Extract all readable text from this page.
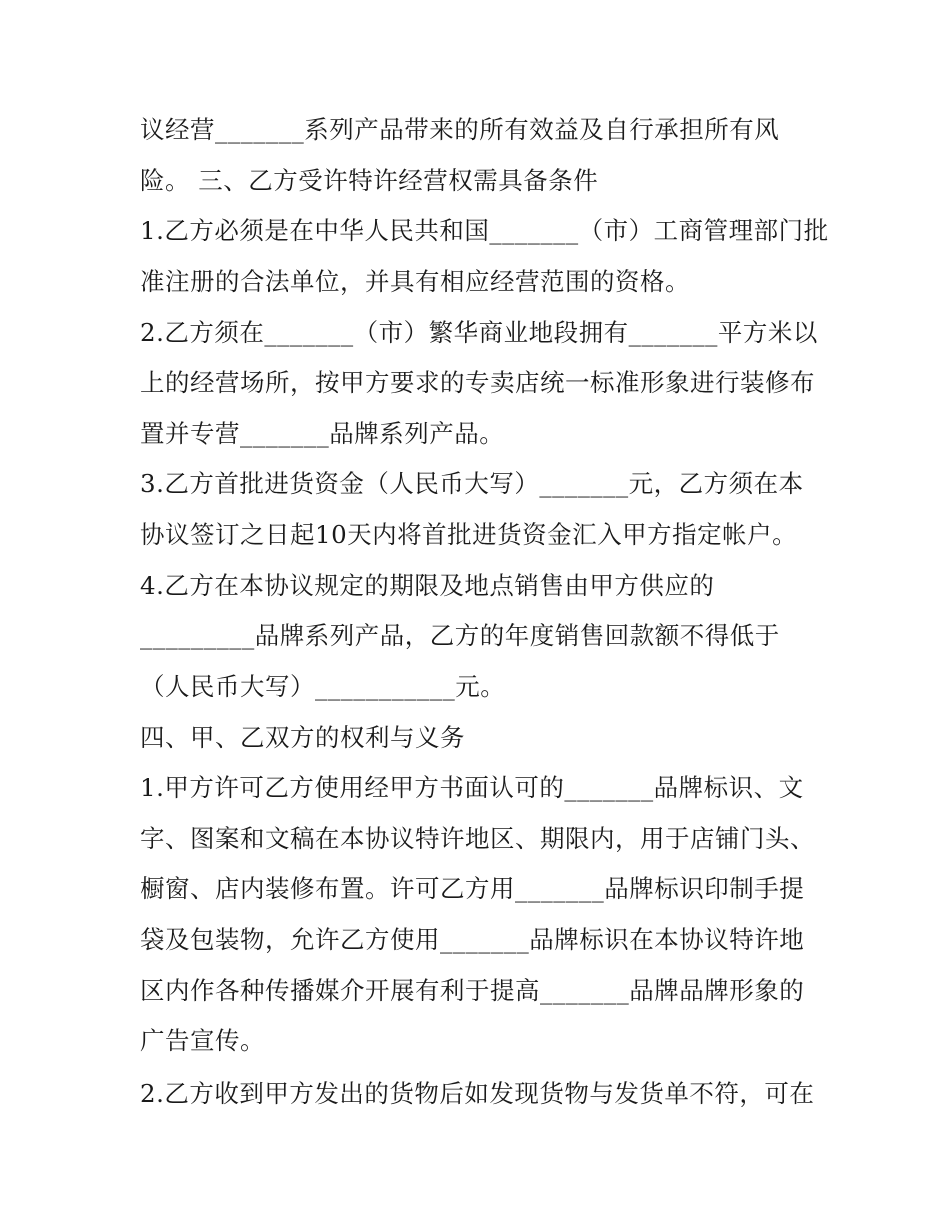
议经营_______系列产品带来的所有效益及自行承担所有风
险。 三、乙方受许特许经营权需具备条件
1.乙方必须是在中华人民共和国_______（市）工商管理部门批
准注册的合法单位，并具有相应经营范围的资格。
2.乙方须在_______（市）繁华商业地段拥有_______平方米以
上的经营场所，按甲方要求的专卖店统一标准形象进行装修布
置并专营_______品牌系列产品。
3.乙方首批进货资金（人民币大写）_______元，乙方须在本
协议签订之日起10天内将首批进货资金汇入甲方指定帐户。
4.乙方在本协议规定的期限及地点销售由甲方供应的
_________品牌系列产品，乙方的年度销售回款额不得低于
（人民币大写）___________元。
四、甲、乙双方的权利与义务
1.甲方许可乙方使用经甲方书面认可的_______品牌标识、文
字、图案和文稿在本协议特许地区、期限内，用于店铺门头、
橱窗、店内装修布置。许可乙方用_______品牌标识印制手提
袋及包装物，允许乙方使用_______品牌标识在本协议特许地
区内作各种传播媒介开展有利于提高_______品牌品牌形象的
广告宣传。
2.乙方收到甲方发出的货物后如发现货物与发货单不符，可在
